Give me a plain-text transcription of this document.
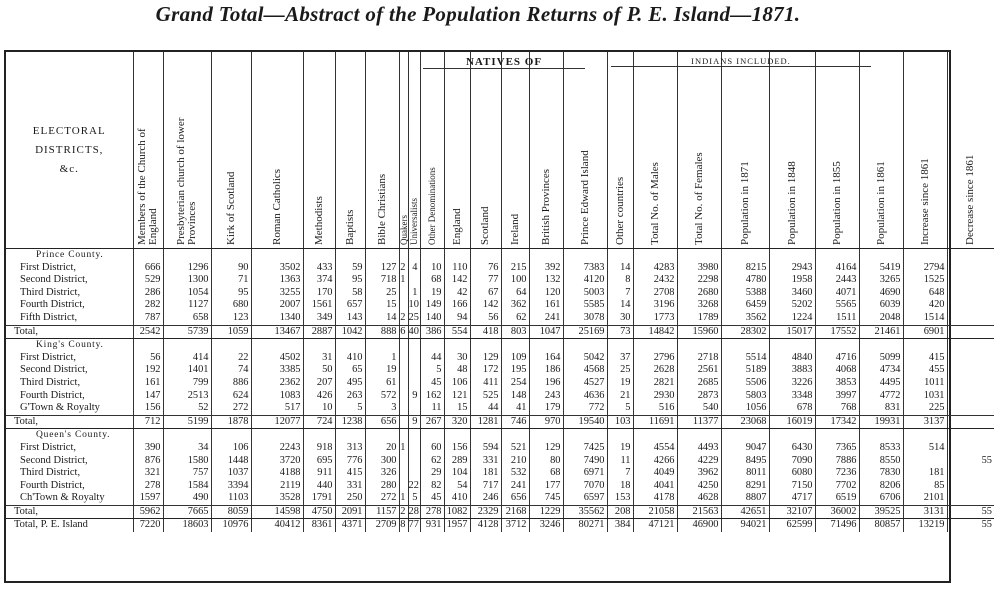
Grand Total—Abstract of the Population Returns of P. E. Island—1871.
ELECTORAL
DISTRICTS,
&c.	Members of the Church of England	Presbyterian church of lower Provinces	Kirk of Scotland	Roman Catholics	Methodists	Baptists	Bible Christians	Quakers	Universalists	Other Denominations	England	Scotland	Ireland	British Provinces	Prince Edward Island	Other countries	Total No. of Males	Total No. of Females	Population in 1871	Population in 1848	Population in 1855	Population in 1861	Increase since 1861	Decrease since 1861

Prince County.																								
First District,	666	1296	90	3502	433	59	127	2	4	10	110	76	215	392	7383	14	4283	3980	8215	2943	4164	5419	2794	
Second District,	529	1300	71	1363	374	95	718	1		68	142	77	100	132	4120	8	2432	2298	4780	1958	2443	3265	1525	
Third District,	286	1054	95	3255	170	58	25		1	19	42	67	64	120	5003	7	2708	2680	5388	3460	4071	4690	648	
Fourth District,	282	1127	680	2007	1561	657	15		10	149	166	142	362	161	5585	14	3196	3268	6459	5202	5565	6039	420	
Fifth District,	787	658	123	1340	349	143	14	2	25	140	94	56	62	241	3078	30	1773	1789	3562	1224	1511	2048	1514	
Total,	2542	5739	1059	13467	2887	1042	888	6	40	386	554	418	803	1047	25169	73	14842	15960	28302	15017	17552	21461	6901	
King's County.																								
First District,	56	414	22	4502	31	410	1			44	30	129	109	164	5042	37	2796	2718	5514	4840	4716	5099	415	
Second District,	192	1401	74	3385	50	65	19			5	48	172	195	186	4568	25	2628	2561	5189	3883	4068	4734	455	
Third District,	161	799	886	2362	207	495	61			45	106	411	254	196	4527	19	2821	2685	5506	3226	3853	4495	1011	
Fourth District,	147	2513	624	1083	426	263	572		9	162	121	525	148	243	4636	21	2930	2873	5803	3348	3997	4772	1031	
G'Town & Royalty	156	52	272	517	10	5	3			11	15	44	41	179	772	5	516	540	1056	678	768	831	225	
Total,	712	5199	1878	12077	724	1238	656		9	267	320	1281	746	970	19540	103	11691	11377	23068	16019	17342	19931	3137	
Queen's County.																								
First District,	390	34	106	2243	918	313	20	1		60	156	594	521	129	7425	19	4554	4493	9047	6430	7365	8533	514	
Second District,	876	1580	1448	3720	695	776	300			62	289	331	210	80	7490	11	4266	4229	8495	7090	7886	8550		55
Third District,	321	757	1037	4188	911	415	326			29	104	181	532	68	6971	7	4049	3962	8011	6080	7236	7830	181	
Fourth District,	278	1584	3394	2119	440	331	280		22	82	54	717	241	177	7070	18	4041	4250	8291	7150	7702	8206	85	
Ch'Town & Royalty	1597	490	1103	3528	1791	250	272	1	5	45	410	246	656	745	6597	153	4178	4628	8807	4717	6519	6706	2101	
Total,	5962	7665	8059	14598	4750	2091	1157	2	28	278	1082	2329	2168	1229	35562	208	21058	21563	42651	32107	36002	39525	3131	55
Total, P. E. Island	7220	18603	10976	40412	8361	4371	2709	8	77	931	1957	4128	3712	3246	80271	384	47121	46900	94021	62599	71496	80857	13219	55
NATIVES OF	INDIANS INCLUDED.
